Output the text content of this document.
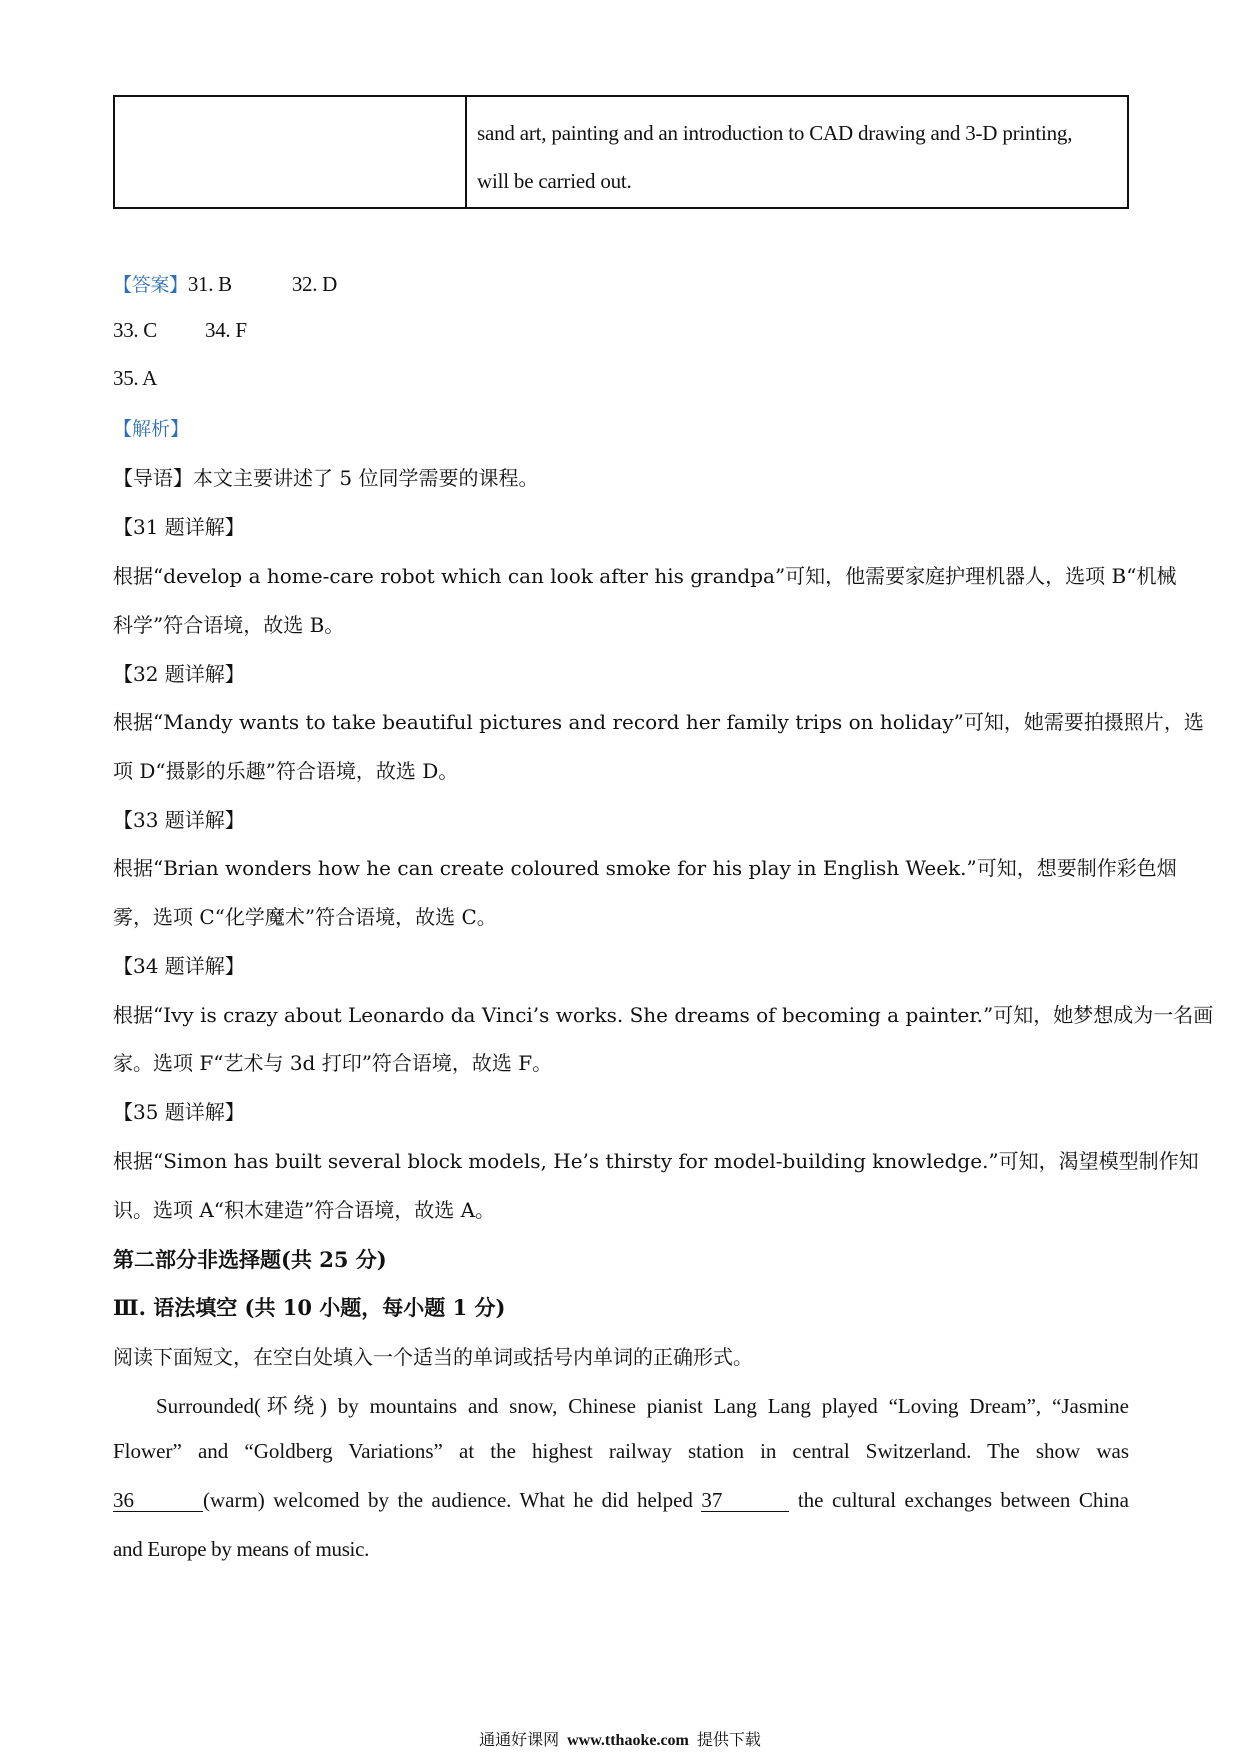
sand art, painting and an introduction to CAD drawing and 3-D printing,
will be carried out.
【答案】31. B	32. D
33. C 34. F
35. A
【解析】
【导语】本文主要讲述了 5 位同学需要的课程。
【31 题详解】
根据“develop a home-care robot which can look after his grandpa”可知，他需要家庭护理机器人，选项 B“机械
科学”符合语境，故选 B。
【32 题详解】
根据“Mandy wants to take beautiful pictures and record her family trips on holiday”可知，她需要拍摄照片，选
项 D“摄影的乐趣”符合语境，故选 D。
【33 题详解】
根据“Brian wonders how he can create coloured smoke for his play in English Week.”可知，想要制作彩色烟
雾，选项 C“化学魔术”符合语境，故选 C。
【34 题详解】
根据“Ivy is crazy about Leonardo da Vinci’s works. She dreams of becoming a painter.”可知，她梦想成为一名画
家。选项 F“艺术与 3d 打印”符合语境，故选 F。
【35 题详解】
根据“Simon has built several block models, He’s thirsty for model-building knowledge.”可知，渴望模型制作知
识。选项 A“积木建造”符合语境，故选 A。
第二部分非选择题(共 25 分)
Ⅲ. 语法填空 (共 10 小题，每小题 1 分)
阅读下面短文，在空白处填入一个适当的单词或括号内单词的正确形式。
Surrounded(环绕) by mountains and snow, Chinese pianist Lang Lang played “Loving Dream”, “Jasmine
Flower” and “Goldberg Variations” at the highest railway station in central Switzerland. The show was
36	(warm) welcomed by the audience. What he did helped 37	the cultural exchanges between China
and Europe by means of music.
通通好课网 www.tthaoke.com 提供下载
